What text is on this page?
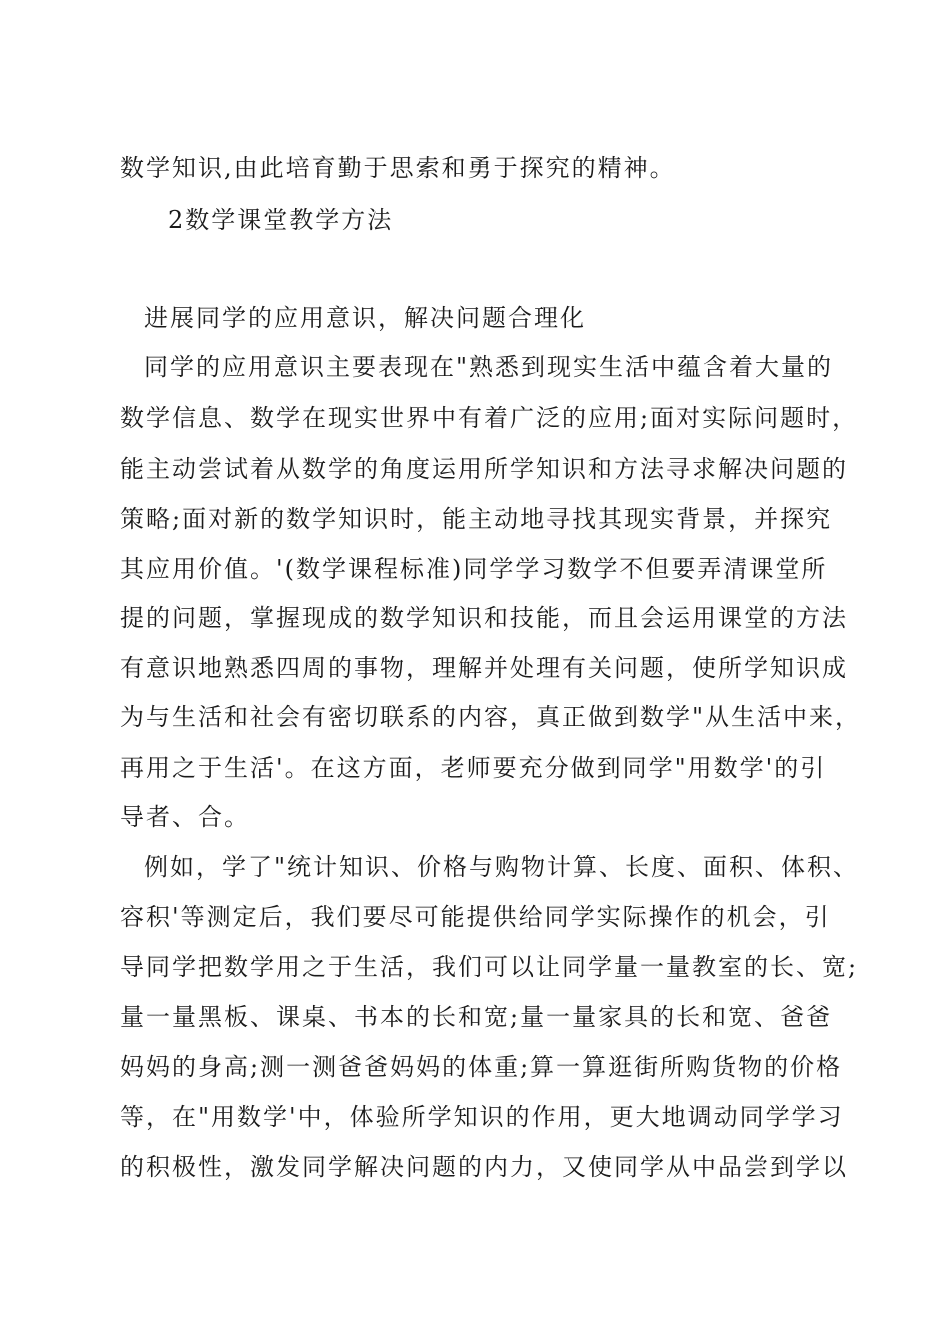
数学知识,由此培育勤于思索和勇于探究的精神。
2数学课堂教学方法
进展同学的应用意识，解决问题合理化
同学的应用意识主要表现在"熟悉到现实生活中蕴含着大量的
数学信息、数学在现实世界中有着广泛的应用;面对实际问题时，
能主动尝试着从数学的角度运用所学知识和方法寻求解决问题的
策略;面对新的数学知识时，能主动地寻找其现实背景，并探究
其应用价值。'(数学课程标准)同学学习数学不但要弄清课堂所
提的问题，掌握现成的数学知识和技能，而且会运用课堂的方法
有意识地熟悉四周的事物，理解并处理有关问题，使所学知识成
为与生活和社会有密切联系的内容，真正做到数学"从生活中来，
再用之于生活'。在这方面，老师要充分做到同学"用数学'的引
导者、合。
例如，学了"统计知识、价格与购物计算、长度、面积、体积、
容积'等测定后，我们要尽可能提供给同学实际操作的机会，引
导同学把数学用之于生活，我们可以让同学量一量教室的长、宽;
量一量黑板、课桌、书本的长和宽;量一量家具的长和宽、爸爸
妈妈的身高;测一测爸爸妈妈的体重;算一算逛街所购货物的价格
等，在"用数学'中，体验所学知识的作用，更大地调动同学学习
的积极性，激发同学解决问题的内力，又使同学从中品尝到学以
